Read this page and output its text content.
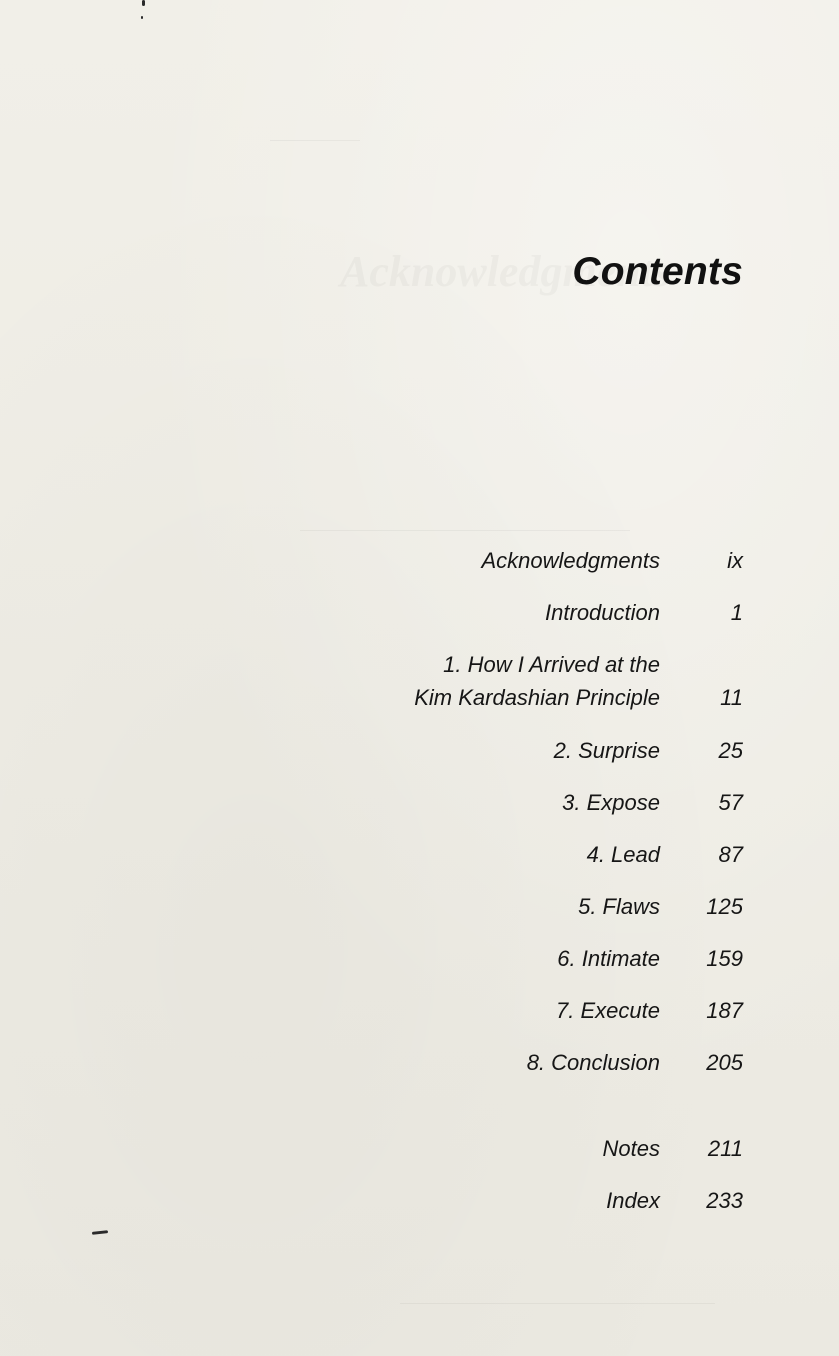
Contents
Acknowledgments	ix
Introduction	1
1. How I Arrived at the
Kim Kardashian Principle	11
2. Surprise	25
3. Expose	57
4. Lead	87
5. Flaws 125
6. Intimate 159
7. Execute 187
8. Conclusion 205
Notes 211
Index 233
